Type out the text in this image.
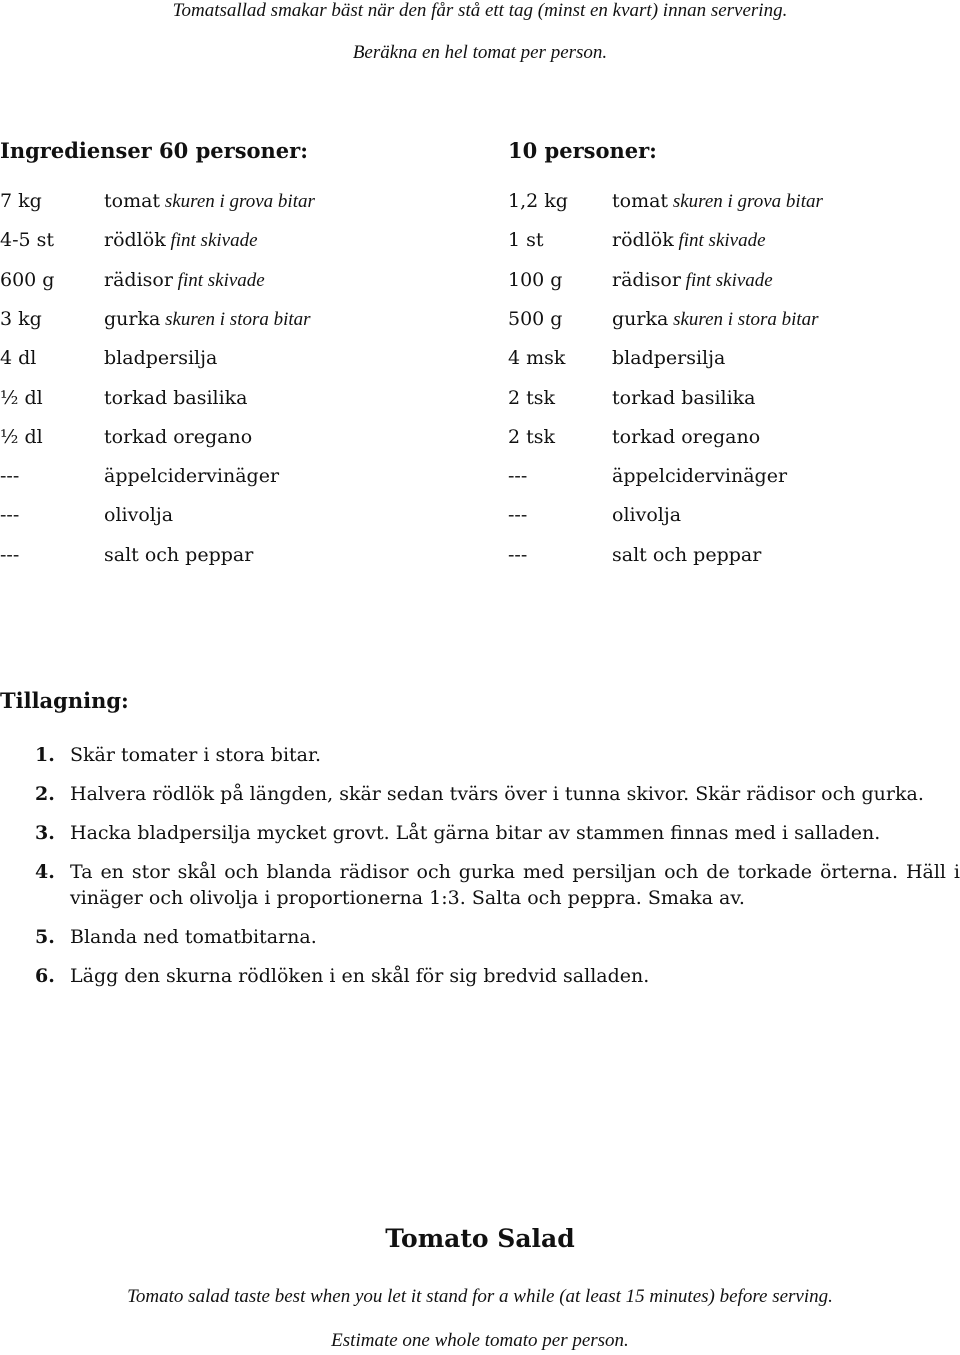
Tomatsallad smakar bäst när den får stå ett tag (minst en kvart) innan servering.
Beräkna en hel tomat per person.
Ingredienser 60 personer:	10 personer:
7 kg	tomat skuren i grova bitar
4-5 st	rödlök fint skivade
600 g	rädisor fint skivade
3 kg	gurka skuren i stora bitar
4 dl	bladpersilja
½ dl	torkad basilika
½ dl	torkad oregano
---	äppelcidervinäger
---	olivolja
---	salt och peppar
1,2 kg tomat skuren i grova bitar
1 st	rödlök fint skivade
100 g	rädisor fint skivade
500 g	gurka skuren i stora bitar
4 msk bladpersilja
2 tsk	torkad basilika
2 tsk	torkad oregano
---	äppelcidervinäger
---	olivolja
---	salt och peppar
Tillagning:
1. Skär tomater i stora bitar.
2. Halvera rödlök på längden, skär sedan tvärs över i tunna skivor. Skär rädisor och gurka.
3. Hacka bladpersilja mycket grovt. Låt gärna bitar av stammen finnas med i salladen.
4. Ta en stor skål och blanda rädisor och gurka med persiljan och de torkade örterna. Häll i vinäger och olivolja i proportionerna 1:3. Salta och peppra. Smaka av.
5. Blanda ned tomatbitarna.
6. Lägg den skurna rödlöken i en skål för sig bredvid salladen.
Tomato Salad
Tomato salad taste best when you let it stand for a while (at least 15 minutes) before serving.
Estimate one whole tomato per person.
